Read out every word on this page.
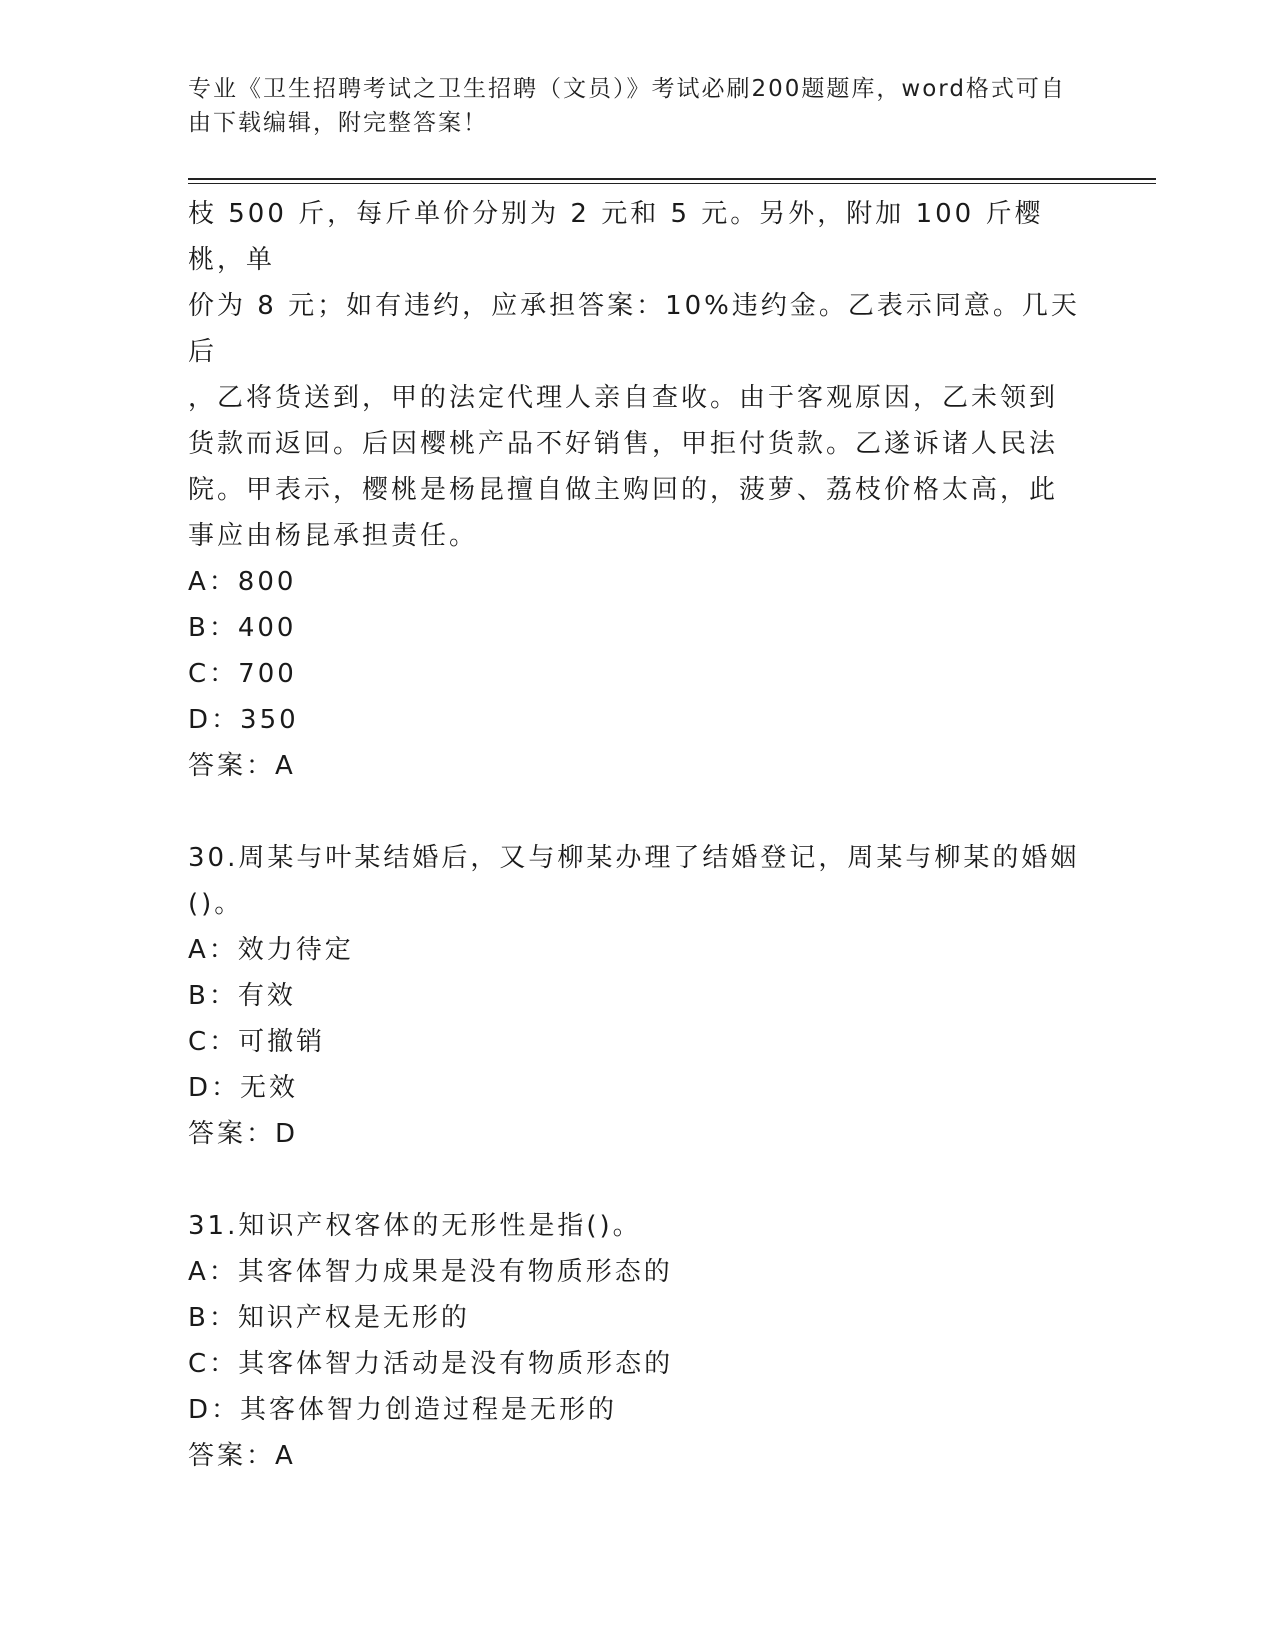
专业《卫生招聘考试之卫生招聘（文员）》考试必刷200题题库，word格式可自由下载编辑，附完整答案！
枝 500 斤，每斤单价分别为 2 元和 5 元。另外，附加 100 斤樱桃，单
价为 8 元；如有违约，应承担答案：10%违约金。乙表示同意。几天后
，乙将货送到，甲的法定代理人亲自查收。由于客观原因，乙未领到
货款而返回。后因樱桃产品不好销售，甲拒付货款。乙遂诉诸人民法
院。甲表示，樱桃是杨昆擅自做主购回的，菠萝、荔枝价格太高，此
事应由杨昆承担责任。
A：800
B：400
C：700
D：350
答案：A
30.周某与叶某结婚后，又与柳某办理了结婚登记，周某与柳某的婚姻
()。
A：效力待定
B：有效
C：可撤销
D：无效
答案：D
31.知识产权客体的无形性是指()。
A：其客体智力成果是没有物质形态的
B：知识产权是无形的
C：其客体智力活动是没有物质形态的
D：其客体智力创造过程是无形的
答案：A
